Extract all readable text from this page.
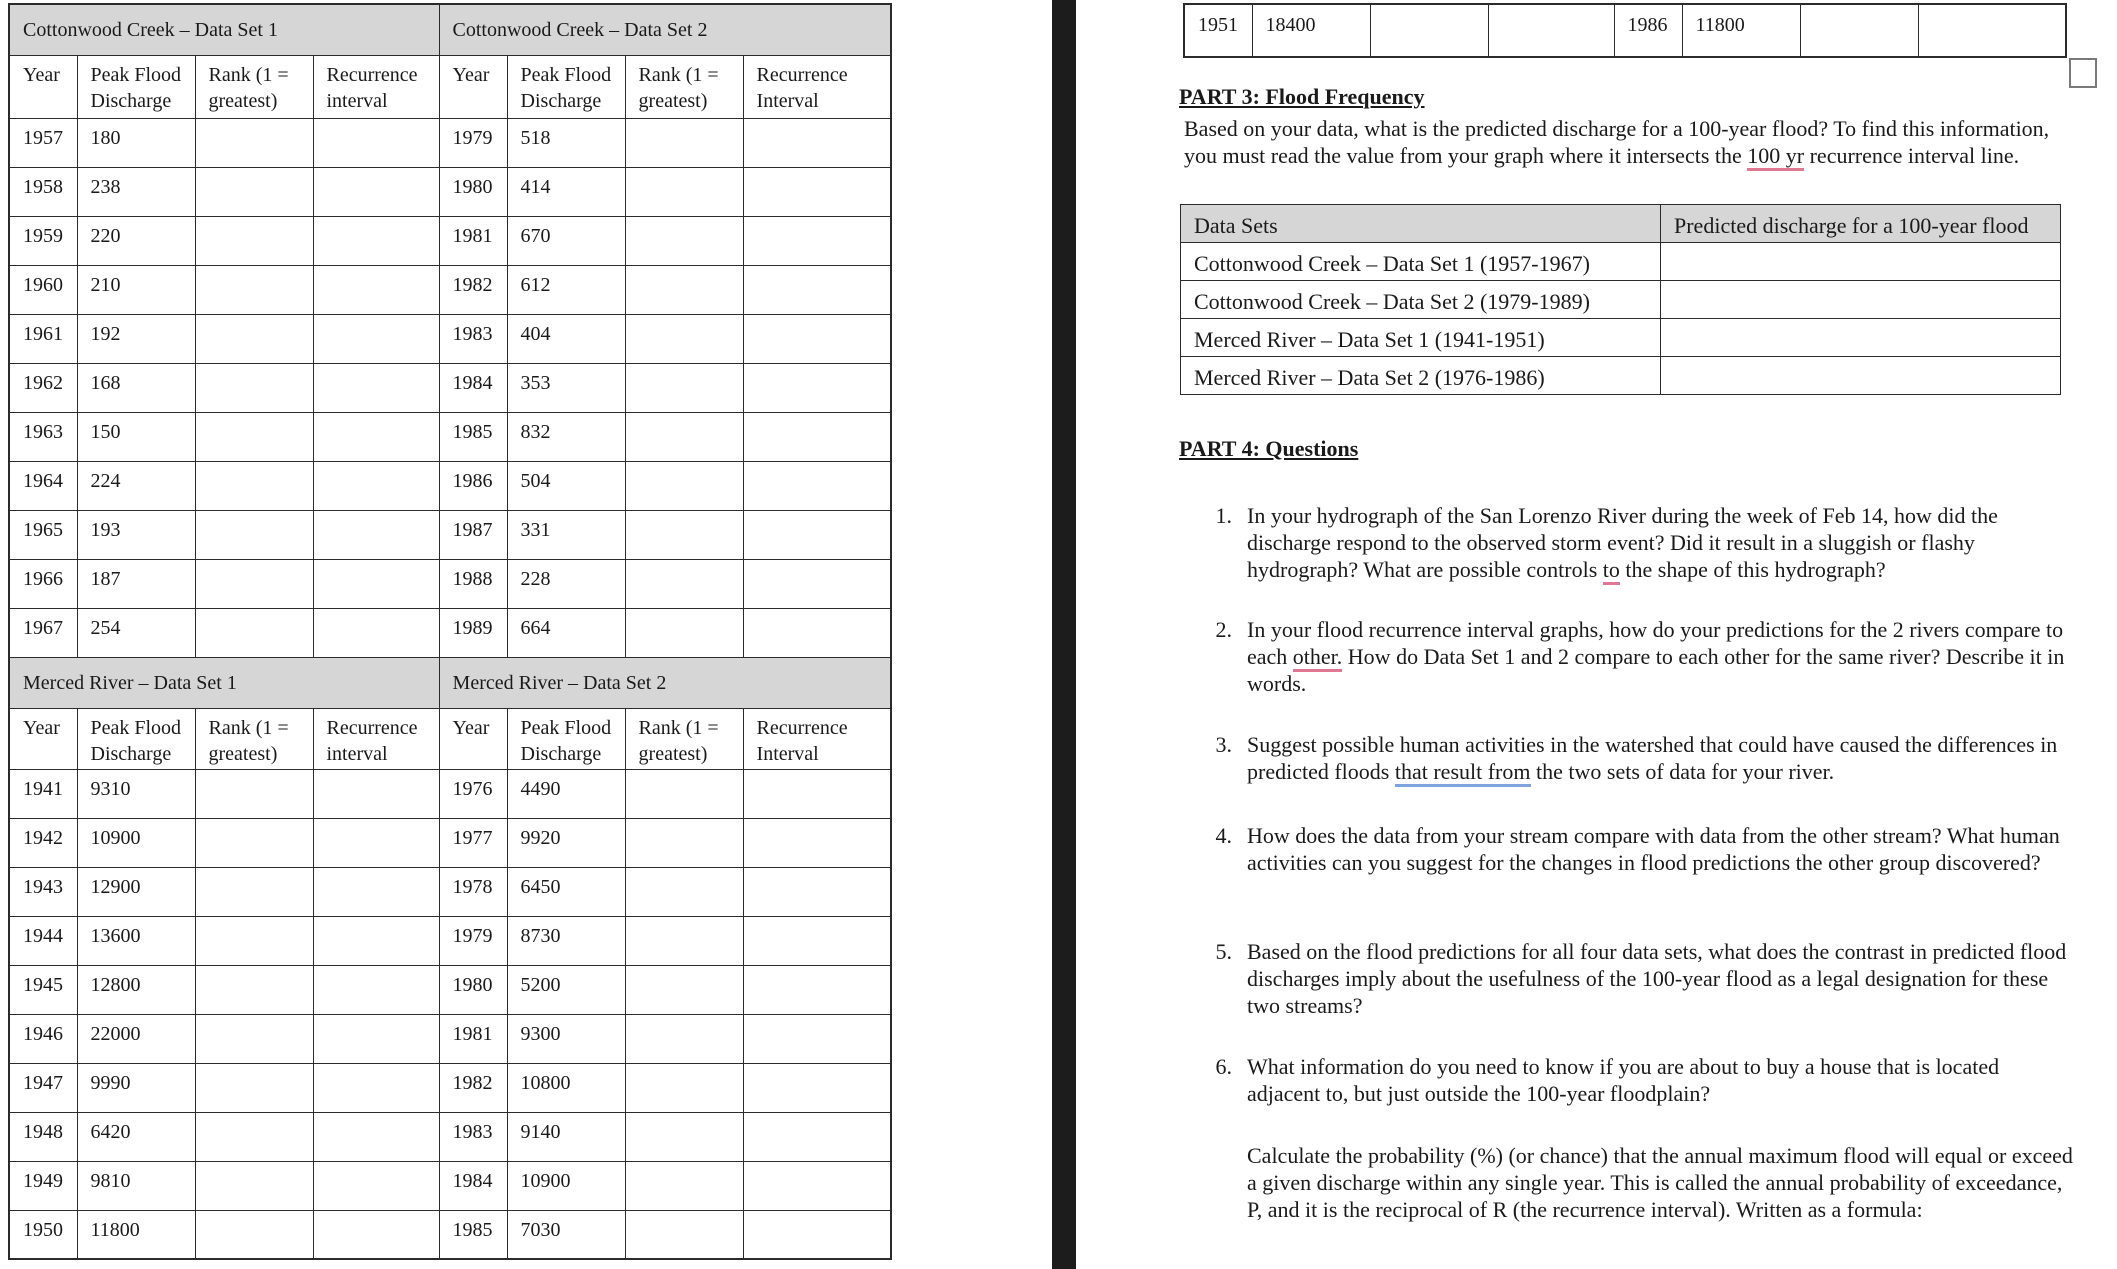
Cottonwood Creek – Data Set 1				Cottonwood Creek – Data Set 2			
Year	Peak Flood Discharge	Rank (1 = greatest)	Recurrence interval	Year	Peak Flood Discharge	Rank (1 = greatest)	Recurrence Interval
1957	180			1979	518		
1958	238			1980	414		
1959	220			1981	670		
1960	210			1982	612		
1961	192			1983	404		
1962	168			1984	353		
1963	150			1985	832		
1964	224			1986	504		
1965	193			1987	331		
1966	187			1988	228		
1967	254			1989	664		
Merced River – Data Set 1				Merced River – Data Set 2			
Year	Peak Flood Discharge	Rank (1 = greatest)	Recurrence interval	Year	Peak Flood Discharge	Rank (1 = greatest)	Recurrence Interval
1941	9310			1976	4490		
1942	10900			1977	9920		
1943	12900			1978	6450		
1944	13600			1979	8730		
1945	12800			1980	5200		
1946	22000			1981	9300		
1947	9990			1982	10800		
1948	6420			1983	9140		
1949	9810			1984	10900		
1950	11800			1985	7030		
1951	18400			1986	11800		
PART 3: Flood Frequency
Based on your data, what is the predicted discharge for a 100-year flood? To find this information, you must read the value from your graph where it intersects the 100 yr recurrence interval line.
Data Sets	Predicted discharge for a 100-year flood
Cottonwood Creek – Data Set 1 (1957-1967)	
Cottonwood Creek – Data Set 2 (1979-1989)	
Merced River – Data Set 1 (1941-1951)	
Merced River – Data Set 2 (1976-1986)	
PART 4: Questions
1. In your hydrograph of the San Lorenzo River during the week of Feb 14, how did the discharge respond to the observed storm event? Did it result in a sluggish or flashy hydrograph? What are possible controls to the shape of this hydrograph?
2. In your flood recurrence interval graphs, how do your predictions for the 2 rivers compare to each other. How do Data Set 1 and 2 compare to each other for the same river? Describe it in words.
3. Suggest possible human activities in the watershed that could have caused the differences in predicted floods that result from the two sets of data for your river.
4. How does the data from your stream compare with data from the other stream? What human activities can you suggest for the changes in flood predictions the other group discovered?
5. Based on the flood predictions for all four data sets, what does the contrast in predicted flood discharges imply about the usefulness of the 100-year flood as a legal designation for these two streams?
6. What information do you need to know if you are about to buy a house that is located adjacent to, but just outside the 100-year floodplain?
Calculate the probability (%) (or chance) that the annual maximum flood will equal or exceed a given discharge within any single year. This is called the annual probability of exceedance, P, and it is the reciprocal of R (the recurrence interval). Written as a formula:
